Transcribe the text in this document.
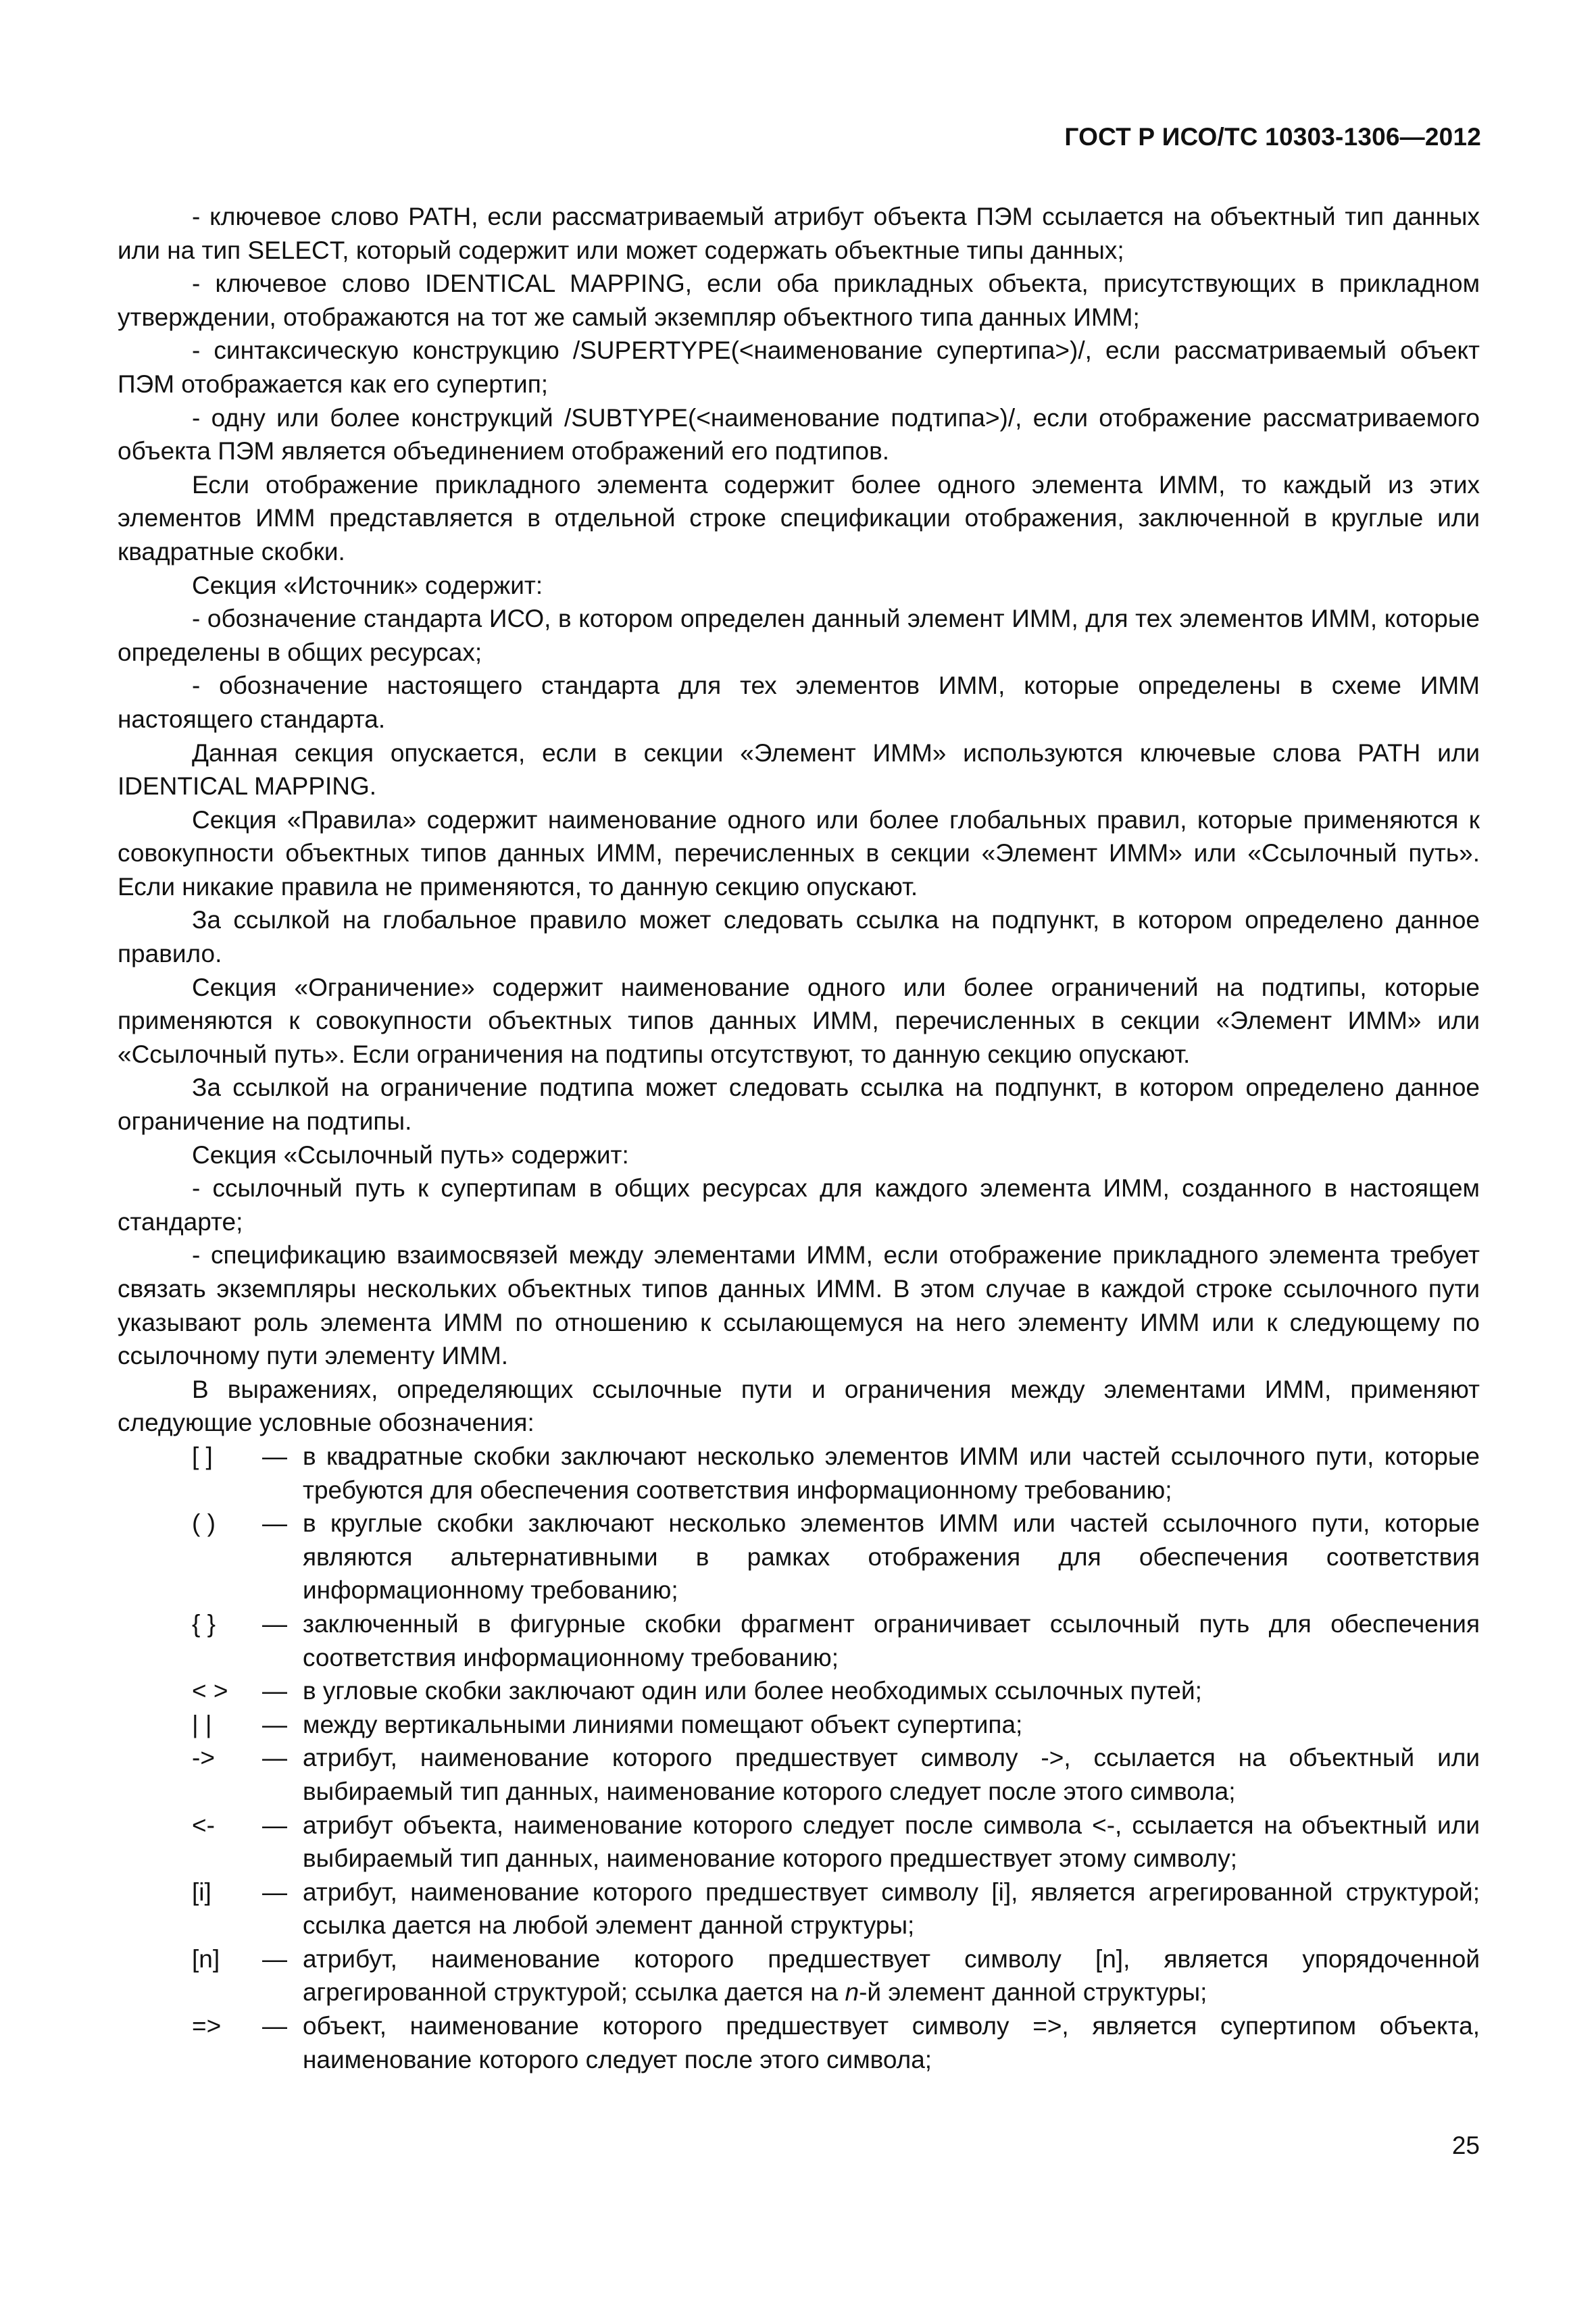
ГОСТ Р ИСО/ТС 10303-1306—2012

- ключевое слово PATH, если рассматриваемый атрибут объекта ПЭМ ссылается на объектный тип данных или на тип SELECT, который содержит или может содержать объектные типы данных;

- ключевое слово IDENTICAL MAPPING, если оба прикладных объекта, присутствующих в прикладном утверждении, отображаются на тот же самый экземпляр объектного типа данных ИММ;

- синтаксическую конструкцию /SUPERTYPE(<наименование супертипа>)/, если рассматриваемый объект ПЭМ отображается как его супертип;

- одну или более конструкций /SUBTYPE(<наименование подтипа>)/, если отображение рассматриваемого объекта ПЭМ является объединением отображений его подтипов.

Если отображение прикладного элемента содержит более одного элемента ИММ, то каждый из этих элементов ИММ представляется в отдельной строке спецификации отображения, заключенной в круглые или квадратные скобки.

Секция «Источник» содержит:

- обозначение стандарта ИСО, в котором определен данный элемент ИММ, для тех элементов ИММ, которые определены в общих ресурсах;

- обозначение настоящего стандарта для тех элементов ИММ, которые определены в схеме ИММ настоящего стандарта.

Данная секция опускается, если в секции «Элемент ИММ» используются ключевые слова PATH или IDENTICAL MAPPING.

Секция «Правила» содержит наименование одного или более глобальных правил, которые применяются к совокупности объектных типов данных ИММ, перечисленных в секции «Элемент ИММ» или «Ссылочный путь». Если никакие правила не применяются, то данную секцию опускают.

За ссылкой на глобальное правило может следовать ссылка на подпункт, в котором определено данное правило.

Секция «Ограничение» содержит наименование одного или более ограничений на подтипы, которые применяются к совокупности объектных типов данных ИММ, перечисленных в секции «Элемент ИММ» или «Ссылочный путь». Если ограничения на подтипы отсутствуют, то данную секцию опускают.

За ссылкой на ограничение подтипа может следовать ссылка на подпункт, в котором определено данное ограничение на подтипы.

Секция «Ссылочный путь» содержит:

- ссылочный путь к супертипам в общих ресурсах для каждого элемента ИММ, созданного в настоящем стандарте;

- спецификацию взаимосвязей между элементами ИММ, если отображение прикладного элемента требует связать экземпляры нескольких объектных типов данных ИММ. В этом случае в каждой строке ссылочного пути указывают роль элемента ИММ по отношению к ссылающемуся на него элементу ИММ или к следующему по ссылочному пути элементу ИММ.

В выражениях, определяющих ссылочные пути и ограничения между элементами ИММ, применяют следующие условные обозначения:

[ ]	— в квадратные скобки заключают несколько элементов ИММ или частей ссылочного пути, которые требуются для обеспечения соответствия информационному требованию;
( )	— в круглые скобки заключают несколько элементов ИММ или частей ссылочного пути, которые являются альтернативными в рамках отображения для обеспечения соответствия информационному требованию;
{ }	— заключенный в фигурные скобки фрагмент ограничивает ссылочный путь для обеспечения соответствия информационному требованию;
< >	— в угловые скобки заключают один или более необходимых ссылочных путей;
| |	— между вертикальными линиями помещают объект супертипа;
->	— атрибут, наименование которого предшествует символу ->, ссылается на объектный или выбираемый тип данных, наименование которого следует после этого символа;
<-	— атрибут объекта, наименование которого следует после символа <-, ссылается на объектный или выбираемый тип данных, наименование которого предшествует этому символу;
[i]	— атрибут, наименование которого предшествует символу [i], является агрегированной структурой; ссылка дается на любой элемент данной структуры;
[n]	— атрибут, наименование которого предшествует символу [n], является упорядоченной агрегированной структурой; ссылка дается на n-й элемент данной структуры;
=>	— объект, наименование которого предшествует символу =>, является супертипом объекта, наименование которого следует после этого символа;
25
